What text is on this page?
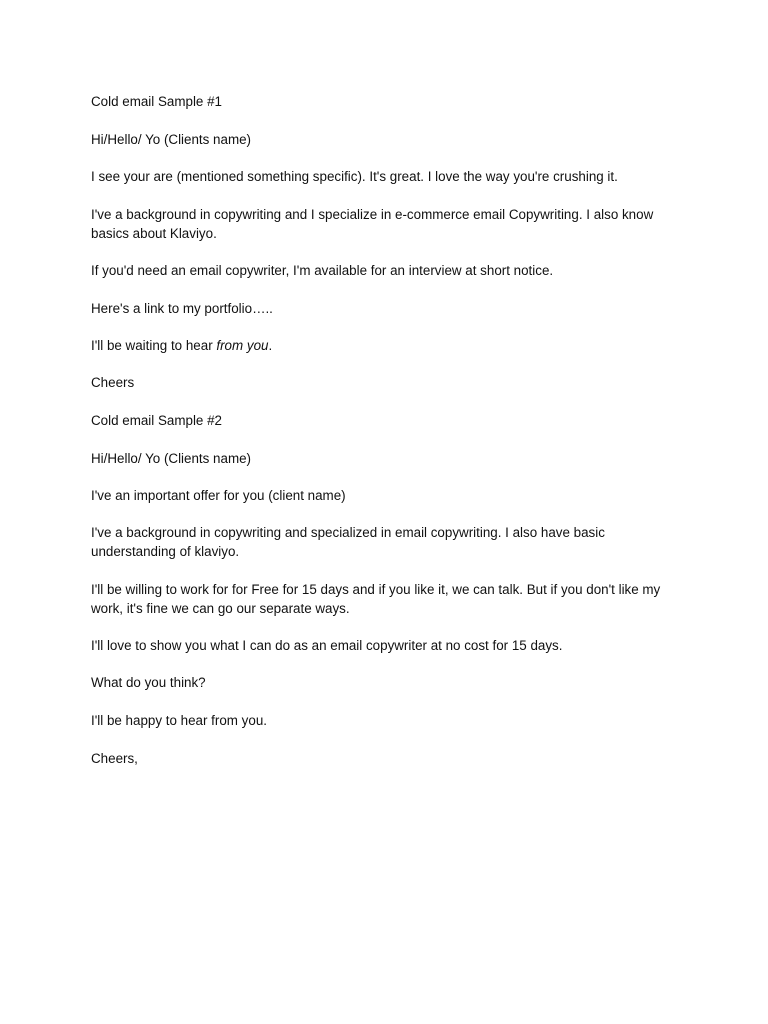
Cold email Sample #1

Hi/Hello/ Yo (Clients name)

I see your are (mentioned something specific). It's great. I love the way you're crushing it.

I've a background in copywriting and I specialize in e-commerce email Copywriting. I also know

basics about Klaviyo.

If you'd need an email copywriter, I'm available for an interview at short notice.

Here's a link to my portfolio…..

I'll be waiting to hear from you.

Cheers

Cold email Sample #2

Hi/Hello/ Yo (Clients name)

I've an important offer for you (client name)

I've a background in copywriting and specialized in email copywriting. I also have basic

understanding of klaviyo.

I'll be willing to work for for Free for 15 days and if you like it, we can talk. But if you don't like my

work, it's fine we can go our separate ways.

I'll love to show you what I can do as an email copywriter at no cost for 15 days.

What do you think?

I'll be happy to hear from you.

Cheers,
